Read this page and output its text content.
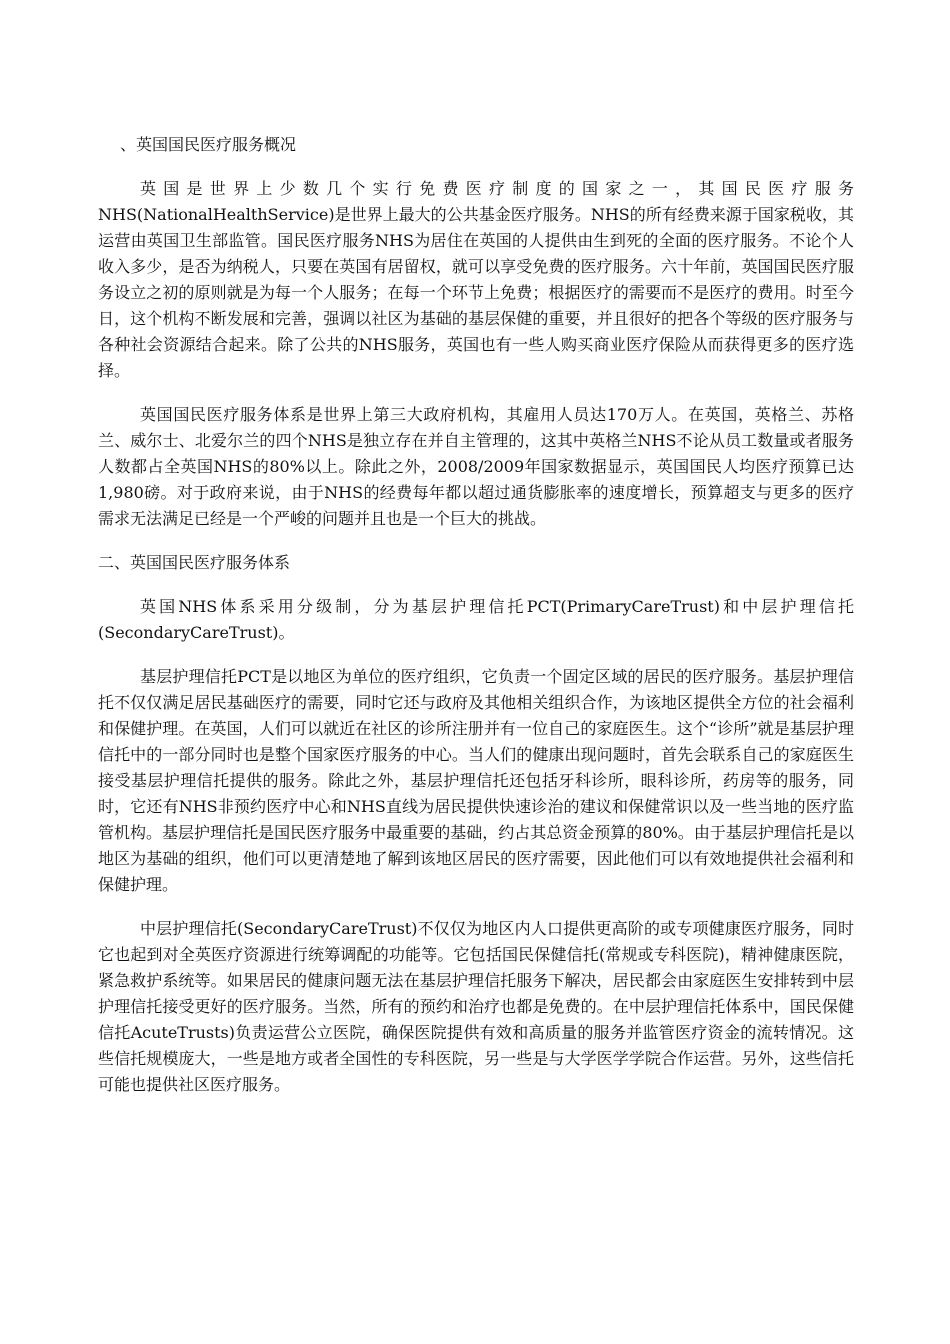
、英国国民医疗服务概况

英国是世界上少数几个实行免费医疗制度的国家之一，其国民医疗服务NHS(NationalHealthService)是世界上最大的公共基金医疗服务。NHS的所有经费来源于国家税收，其运营由英国卫生部监管。国民医疗服务NHS为居住在英国的人提供由生到死的全面的医疗服务。不论个人收入多少，是否为纳税人，只要在英国有居留权，就可以享受免费的医疗服务。六十年前，英国国民医疗服务设立之初的原则就是为每一个人服务；在每一个环节上免费；根据医疗的需要而不是医疗的费用。时至今日，这个机构不断发展和完善，强调以社区为基础的基层保健的重要，并且很好的把各个等级的医疗服务与各种社会资源结合起来。除了公共的NHS服务，英国也有一些人购买商业医疗保险从而获得更多的医疗选择。

英国国民医疗服务体系是世界上第三大政府机构，其雇用人员达170万人。在英国，英格兰、苏格兰、威尔士、北爱尔兰的四个NHS是独立存在并自主管理的，这其中英格兰NHS不论从员工数量或者服务人数都占全英国NHS的80%以上。除此之外，2008/2009年国家数据显示，英国国民人均医疗预算已达1,980磅。对于政府来说，由于NHS的经费每年都以超过通货膨胀率的速度增长，预算超支与更多的医疗需求无法满足已经是一个严峻的问题并且也是一个巨大的挑战。

二、英国国民医疗服务体系

英国NHS体系采用分级制，分为基层护理信托PCT(PrimaryCareTrust)和中层护理信托(SecondaryCareTrust)。

基层护理信托PCT是以地区为单位的医疗组织，它负责一个固定区域的居民的医疗服务。基层护理信托不仅仅满足居民基础医疗的需要，同时它还与政府及其他相关组织合作，为该地区提供全方位的社会福利和保健护理。在英国，人们可以就近在社区的诊所注册并有一位自己的家庭医生。这个“诊所”就是基层护理信托中的一部分同时也是整个国家医疗服务的中心。当人们的健康出现问题时，首先会联系自己的家庭医生接受基层护理信托提供的服务。除此之外，基层护理信托还包括牙科诊所，眼科诊所，药房等的服务，同时，它还有NHS非预约医疗中心和NHS直线为居民提供快速诊治的建议和保健常识以及一些当地的医疗监管机构。基层护理信托是国民医疗服务中最重要的基础，约占其总资金预算的80%。由于基层护理信托是以地区为基础的组织，他们可以更清楚地了解到该地区居民的医疗需要，因此他们可以有效地提供社会福利和保健护理。

中层护理信托(SecondaryCareTrust)不仅仅为地区内人口提供更高阶的或专项健康医疗服务，同时它也起到对全英医疗资源进行统筹调配的功能等。它包括国民保健信托(常规或专科医院)，精神健康医院，紧急救护系统等。如果居民的健康问题无法在基层护理信托服务下解决，居民都会由家庭医生安排转到中层护理信托接受更好的医疗服务。当然，所有的预约和治疗也都是免费的。在中层护理信托体系中，国民保健信托AcuteTrusts)负责运营公立医院，确保医院提供有效和高质量的服务并监管医疗资金的流转情况。这些信托规模庞大，一些是地方或者全国性的专科医院，另一些是与大学医学学院合作运营。另外，这些信托可能也提供社区医疗服务。
